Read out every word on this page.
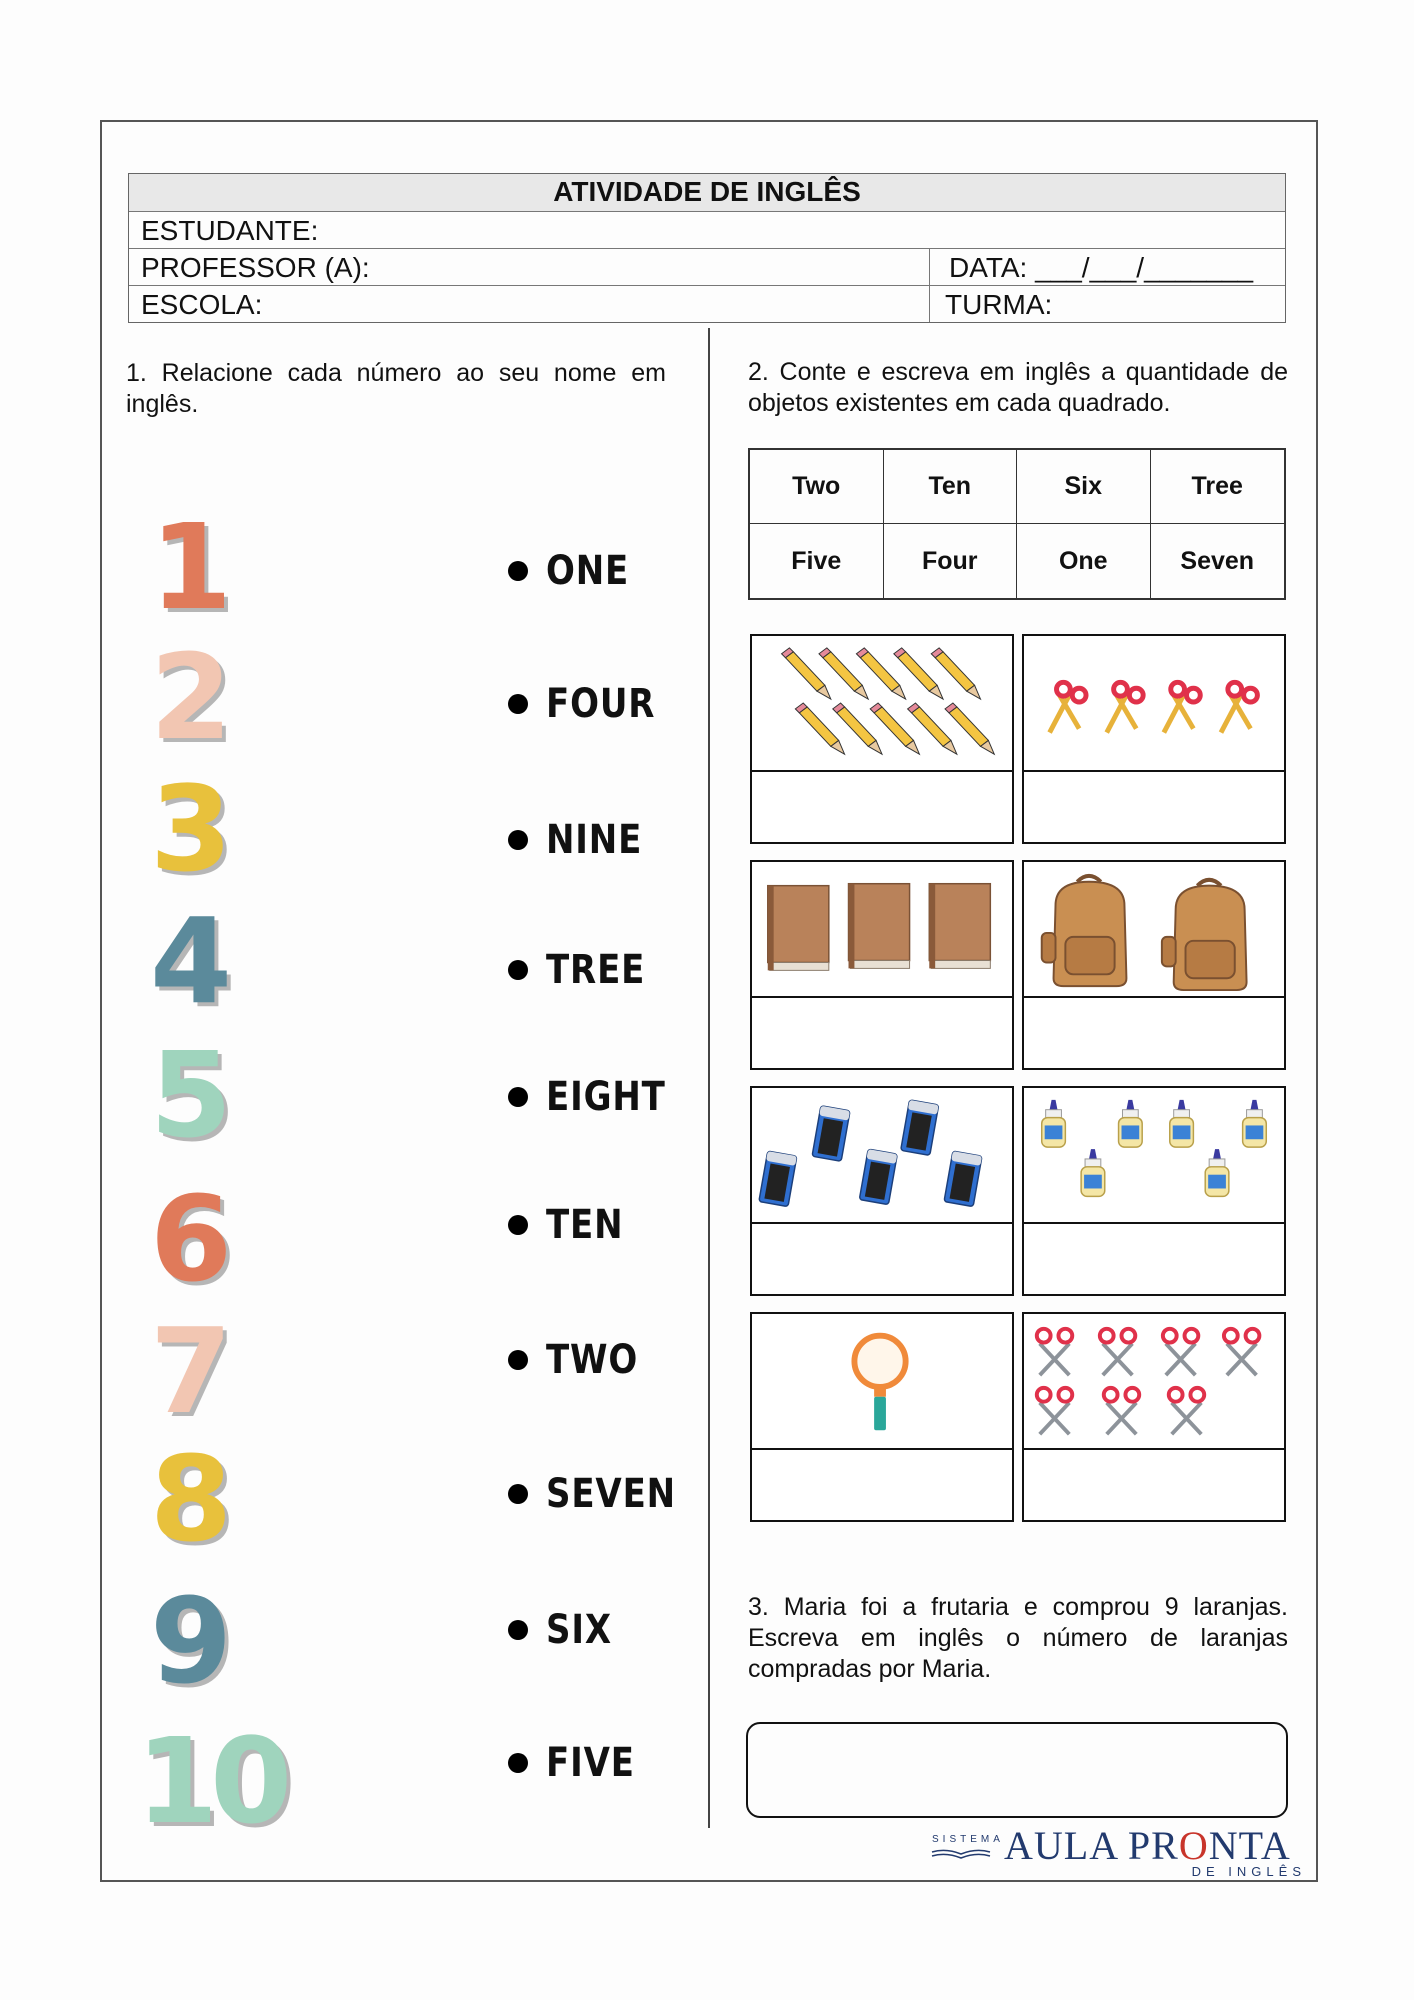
ATIVIDADE DE INGLÊS
ESTUDANTE:
PROFESSOR (A):	DATA: ___/___/_______
ESCOLA:	TURMA:
1. Relacione cada número ao seu nome em inglês.
1
2
3
4
5
6
7
8
9
10
ONE
FOUR
NINE
TREE
EIGHT
TEN
TWO
SEVEN
SIX
FIVE
2. Conte e escreva em inglês a quantidade de objetos existentes em cada quadrado.
Two	Ten	Six	Tree
Five	Four	One	Seven
3. Maria foi a frutaria e comprou 9 laranjas. Escreva em inglês o número de laranjas compradas por Maria.
SISTEMA AULA PRONTA
DE INGLÊS
